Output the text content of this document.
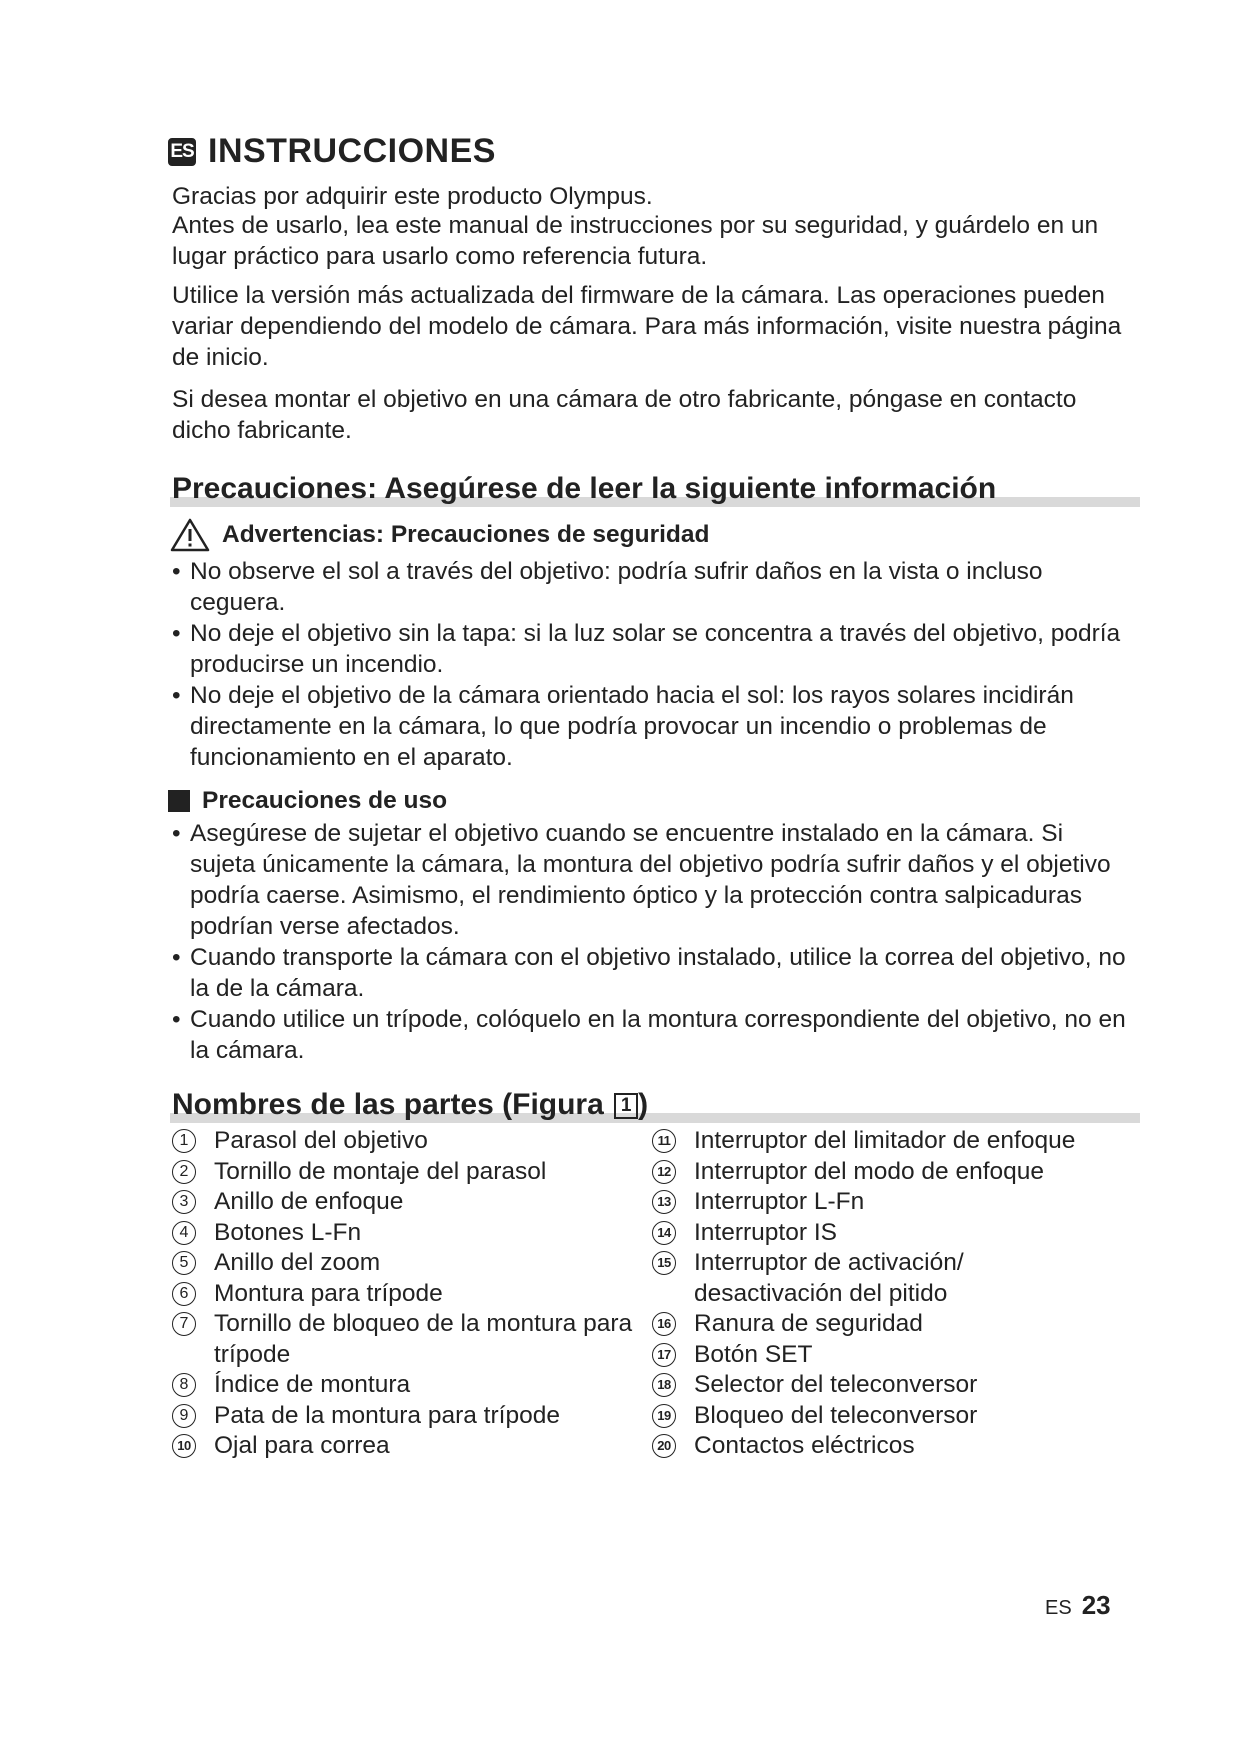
ES INSTRUCCIONES
Gracias por adquirir este producto Olympus.
Antes de usarlo, lea este manual de instrucciones por su seguridad, y guárdelo en un lugar práctico para usarlo como referencia futura.
Utilice la versión más actualizada del firmware de la cámara. Las operaciones pueden variar dependiendo del modelo de cámara. Para más información, visite nuestra página de inicio.
Si desea montar el objetivo en una cámara de otro fabricante, póngase en contacto dicho fabricante.
Precauciones: Asegúrese de leer la siguiente información
Advertencias: Precauciones de seguridad
• No observe el sol a través del objetivo: podría sufrir daños en la vista o incluso ceguera.
• No deje el objetivo sin la tapa: si la luz solar se concentra a través del objetivo, podría producirse un incendio.
• No deje el objetivo de la cámara orientado hacia el sol: los rayos solares incidirán directamente en la cámara, lo que podría provocar un incendio o problemas de funcionamiento en el aparato.
Precauciones de uso
• Asegúrese de sujetar el objetivo cuando se encuentre instalado en la cámara. Si sujeta únicamente la cámara, la montura del objetivo podría sufrir daños y el objetivo podría caerse. Asimismo, el rendimiento óptico y la protección contra salpicaduras podrían verse afectados.
• Cuando transporte la cámara con el objetivo instalado, utilice la correa del objetivo, no la de la cámara.
• Cuando utilice un trípode, colóquelo en la montura correspondiente del objetivo, no en la cámara.
Nombres de las partes (Figura 1 )
1	Parasol del objetivo
2	Tornillo de montaje del parasol
3	Anillo de enfoque
4	Botones L-Fn
5	Anillo del zoom
6	Montura para trípode
7	Tornillo de bloqueo de la montura para trípode
8	Índice de montura
9	Pata de la montura para trípode
10 Ojal para correa
11 Interruptor del limitador de enfoque
12 Interruptor del modo de enfoque
13 Interruptor L-Fn
14 Interruptor IS
15 Interruptor de activación/ desactivación del pitido
16 Ranura de seguridad
17 Botón SET
18 Selector del teleconversor
19 Bloqueo del teleconversor
20 Contactos eléctricos
ES 23
